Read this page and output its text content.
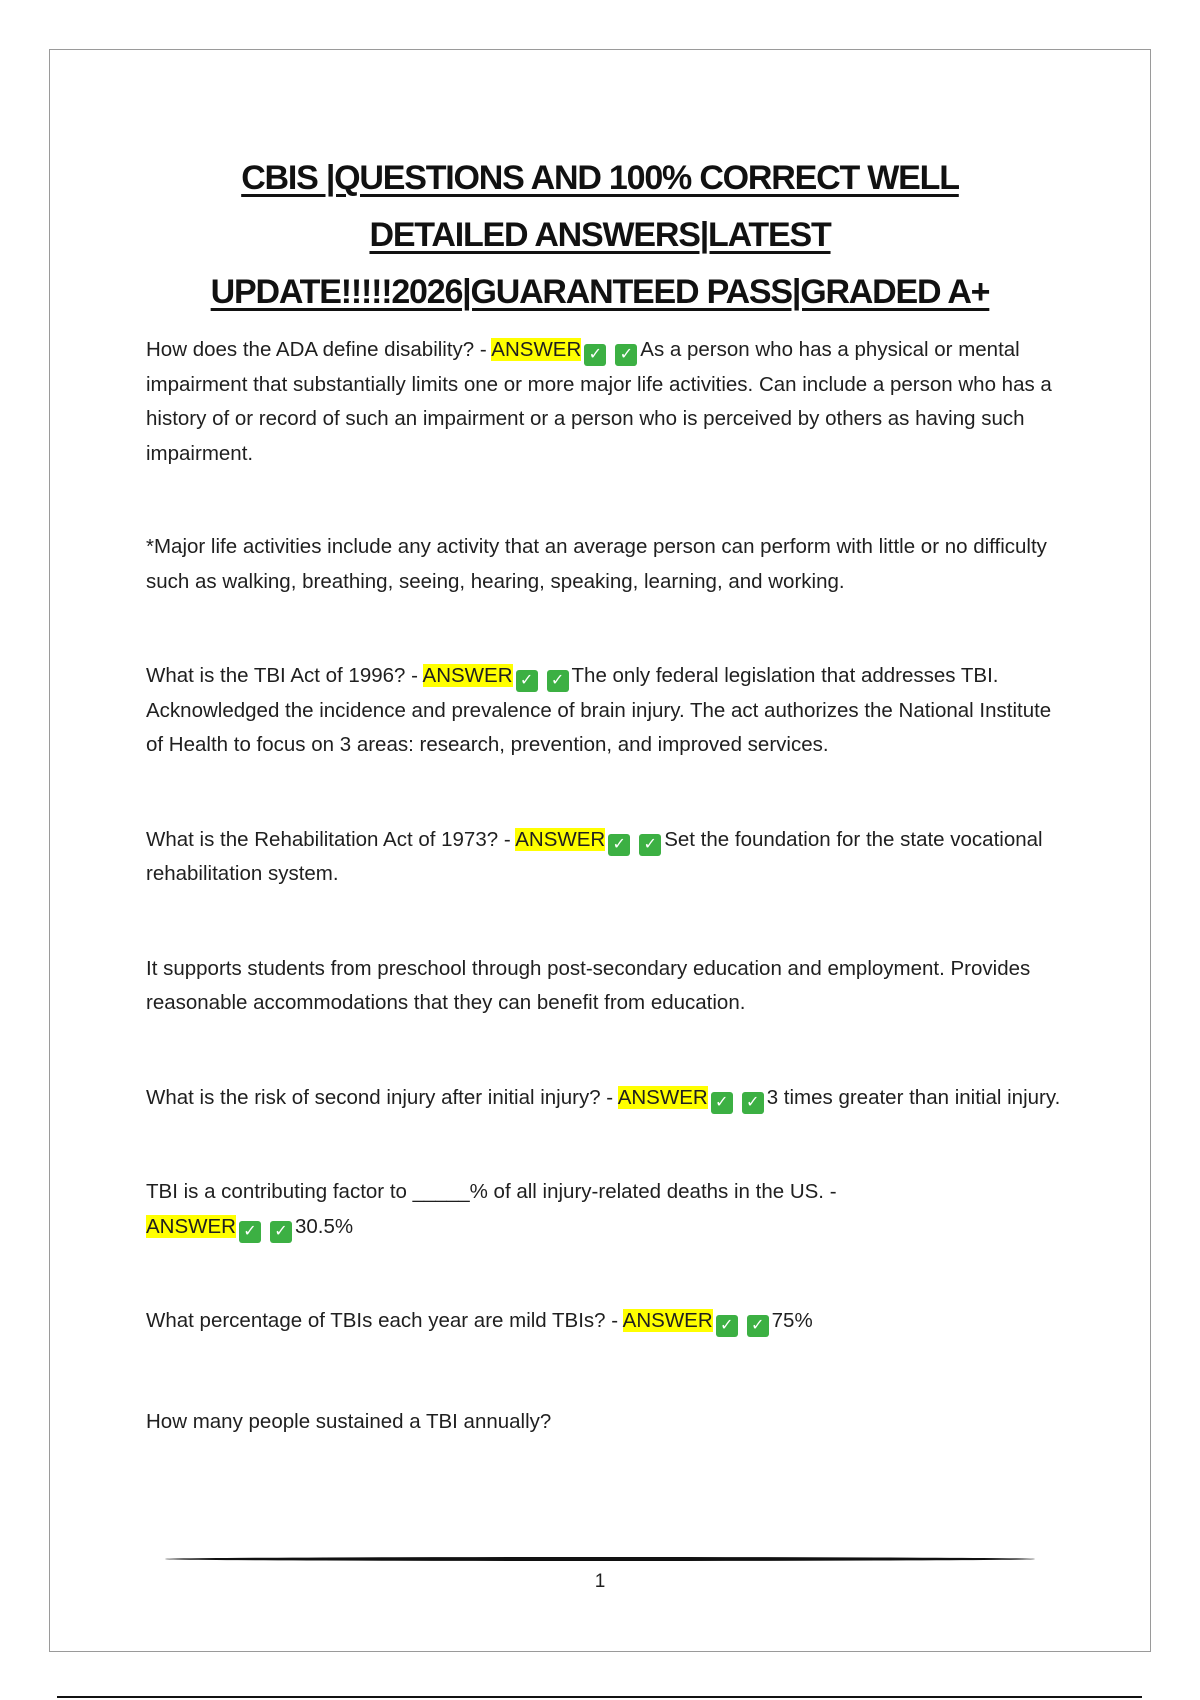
CBIS |QUESTIONS AND 100% CORRECT WELL
DETAILED ANSWERS|LATEST
UPDATE!!!!!2026|GUARANTEED PASS|GRADED A+

How does the ADA define disability? - ANSWER ✓ ✓ As a person who has a physical or mental impairment that substantially limits one or more major life activities. Can include a person who has a history of or record of such an impairment or a person who is perceived by others as having such impairment.

*Major life activities include any activity that an average person can perform with little or no difficulty such as walking, breathing, seeing, hearing, speaking, learning, and working.

What is the TBI Act of 1996? - ANSWER ✓ ✓ The only federal legislation that addresses TBI. Acknowledged the incidence and prevalence of brain injury. The act authorizes the National Institute of Health to focus on 3 areas: research, prevention, and improved services.

What is the Rehabilitation Act of 1973? - ANSWER ✓ ✓ Set the foundation for the state vocational rehabilitation system.

It supports students from preschool through post-secondary education and employment. Provides reasonable accommodations that they can benefit from education.

What is the risk of second injury after initial injury? - ANSWER ✓ ✓ 3 times greater than initial injury.

TBI is a contributing factor to _____% of all injury-related deaths in the US. -
ANSWER ✓ ✓ 30.5%

What percentage of TBIs each year are mild TBIs? - ANSWER ✓ ✓ 75%

How many people sustained a TBI annually?

1
